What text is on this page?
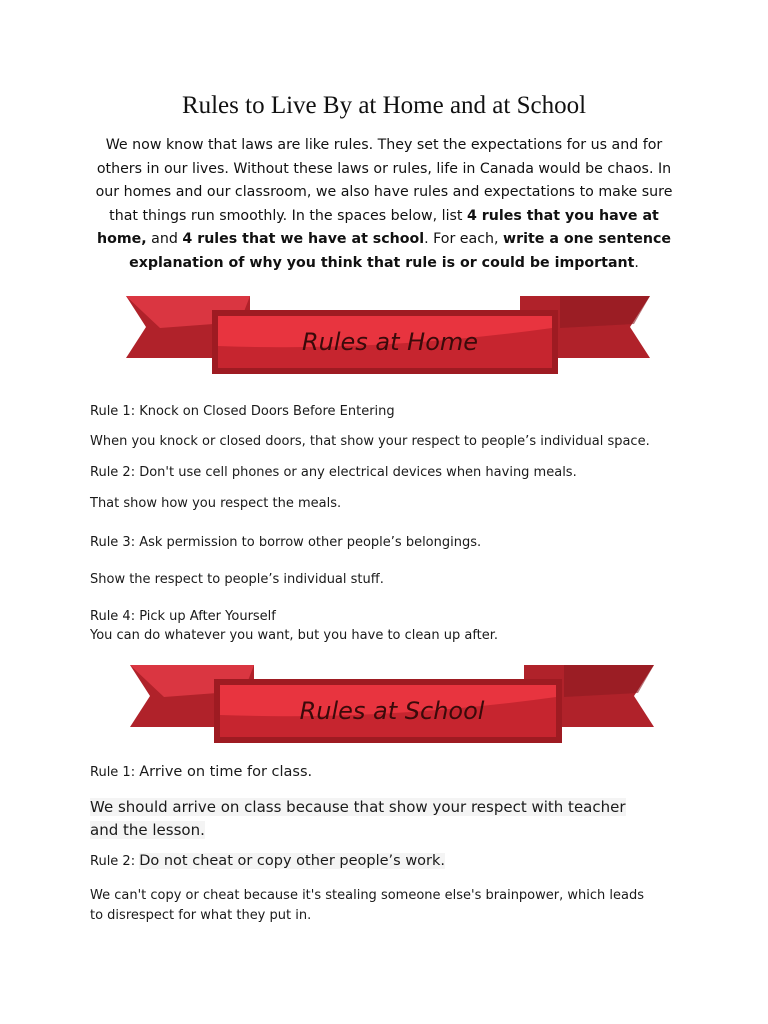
Rules to Live By at Home and at School
We now know that laws are like rules. They set the expectations for us and for others in our lives. Without these laws or rules, life in Canada would be chaos. In our homes and our classroom, we also have rules and expectations to make sure that things run smoothly. In the spaces below, list 4 rules that you have at home, and 4 rules that we have at school. For each, write a one sentence explanation of why you think that rule is or could be important.
Rules at Home
Rule 1: Knock on Closed Doors Before Entering
When you knock or closed doors, that show your respect to people’s individual space.
Rule 2: Don't use cell phones or any electrical devices when having meals.
That show how you respect the meals.
Rule 3: Ask permission to borrow other people’s belongings.
Show the respect to people’s individual stuff.
Rule 4: Pick up After Yourself
You can do whatever you want, but you have to clean up after.
Rules at School
Rule 1: Arrive on time for class.
We should arrive on class because that show your respect with teacher and the lesson.
Rule 2: Do not cheat or copy other people’s work.
We can't copy or cheat because it's stealing someone else's brainpower, which leads to disrespect for what they put in.
